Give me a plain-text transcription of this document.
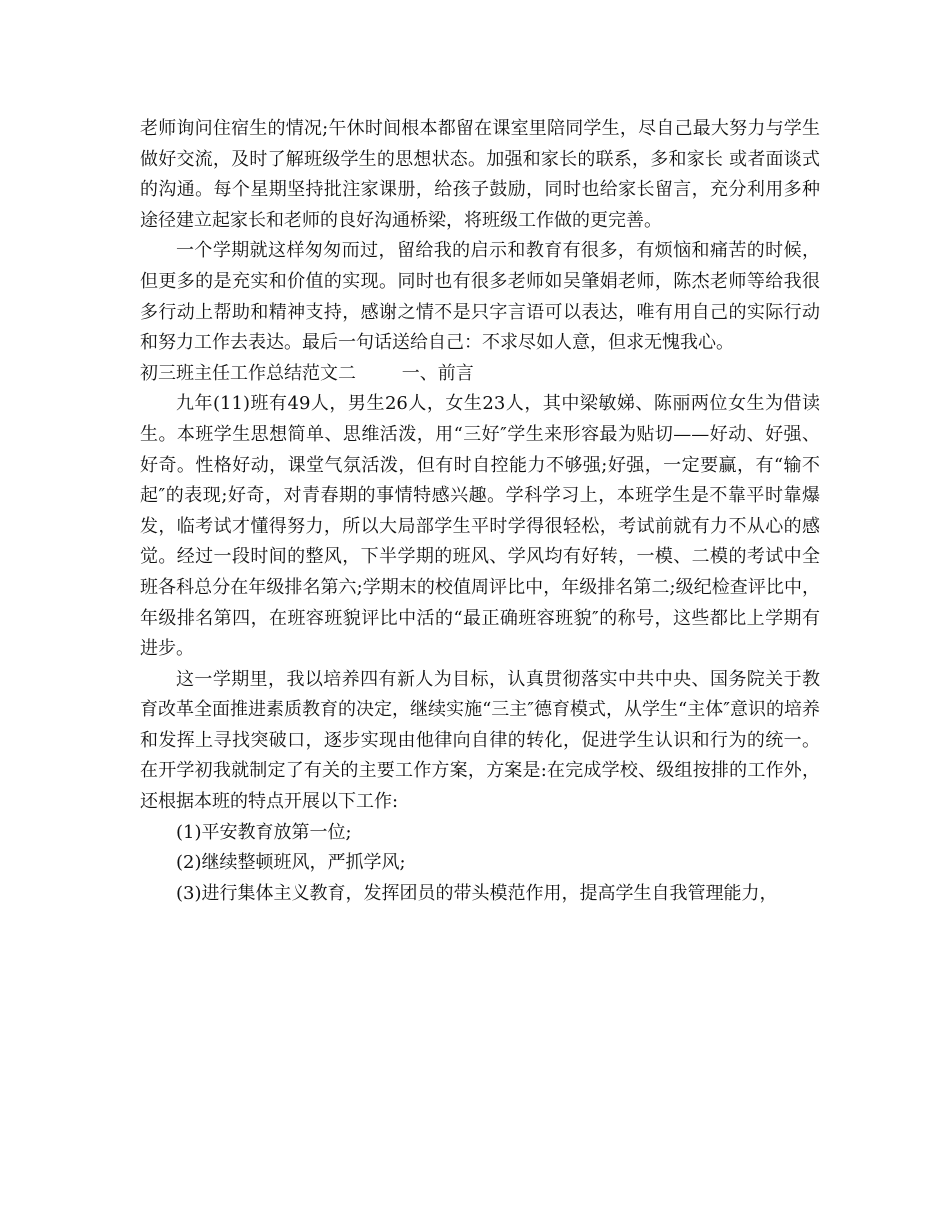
老师询问住宿生的情况;午休时间根本都留在课室里陪同学生，尽自己最大努力与学生做好交流，及时了解班级学生的思想状态。加强和家长的联系，多和家长 或者面谈式的沟通。每个星期坚持批注家课册，给孩子鼓励，同时也给家长留言，充分利用多种途径建立起家长和老师的良好沟通桥梁，将班级工作做的更完善。

一个学期就这样匆匆而过，留给我的启示和教育有很多，有烦恼和痛苦的时候，但更多的是充实和价值的实现。同时也有很多老师如吴肇娟老师，陈杰老师等给我很多行动上帮助和精神支持，感谢之情不是只字言语可以表达，唯有用自己的实际行动和努力工作去表达。最后一句话送给自己：不求尽如人意，但求无愧我心。

初三班主任工作总结范文二	一、前言

九年(11)班有49人，男生26人，女生23人，其中梁敏娣、陈丽两位女生为借读生。本班学生思想简单、思维活泼，用“三好″学生来形容最为贴切——好动、好强、好奇。性格好动，课堂气氛活泼，但有时自控能力不够强;好强，一定要赢，有“输不起″的表现;好奇，对青春期的事情特感兴趣。学科学习上，本班学生是不靠平时靠爆发，临考试才懂得努力，所以大局部学生平时学得很轻松，考试前就有力不从心的感觉。经过一段时间的整风，下半学期的班风、学风均有好转，一模、二模的考试中全班各科总分在年级排名第六;学期末的校值周评比中，年级排名第二;级纪检查评比中，年级排名第四，在班容班貌评比中活的“最正确班容班貌″的称号，这些都比上学期有进步。

这一学期里，我以培养四有新人为目标，认真贯彻落实中共中央、国务院关于教育改革全面推进素质教育的决定，继续实施“三主″德育模式，从学生“主体″意识的培养和发挥上寻找突破口，逐步实现由他律向自律的转化，促进学生认识和行为的统一。在开学初我就制定了有关的主要工作方案，方案是:在完成学校、级组按排的工作外，还根据本班的特点开展以下工作:

(1)平安教育放第一位;

(2)继续整顿班风，严抓学风;

(3)进行集体主义教育，发挥团员的带头模范作用，提高学生自我管理能力，
